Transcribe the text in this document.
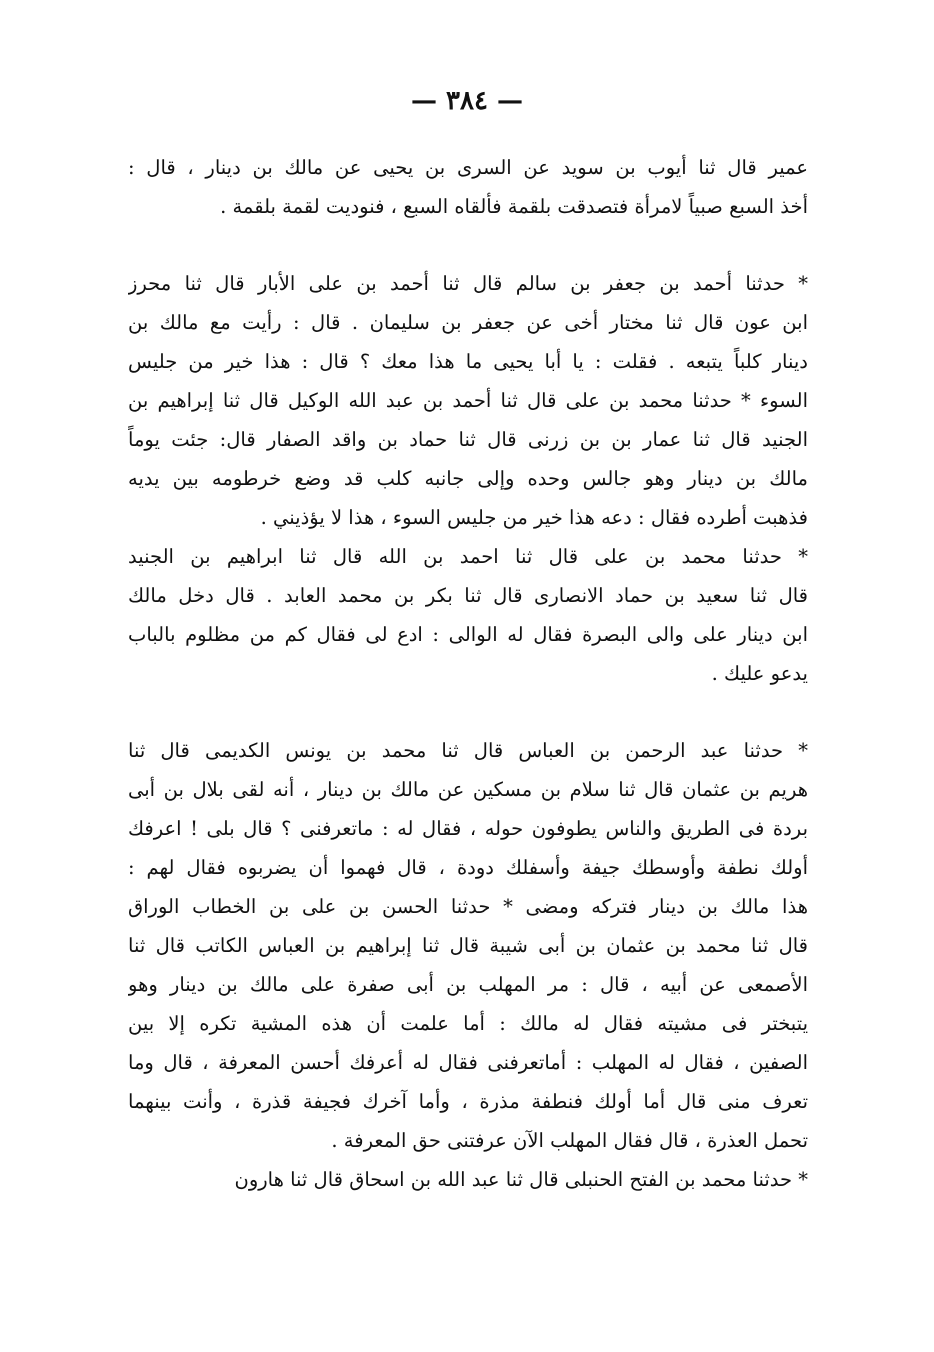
— ٣٨٤ —
عمير قال ثنا أيوب بن سويد عن السرى بن يحيى عن مالك بن دينار ، قال :
أخذ السبع صبياً لامرأة فتصدقت بلقمة فألقاه السبع ، فنوديت لقمة بلقمة .
* حدثنا أحمد بن جعفر بن سالم قال ثنا أحمد بن على الأبار قال ثنا محرز
ابن عون قال ثنا مختار أخى عن جعفر بن سليمان . قال : رأيت مع مالك بن
دينار كلباً يتبعه . فقلت : يا أبا يحيى ما هذا معك ؟ قال : هذا خير من جليس
السوء * حدثنا محمد بن على قال ثنا أحمد بن عبد الله الوكيل قال ثنا إبراهيم بن
الجنيد قال ثنا عمار بن بن زرنى قال ثنا حماد بن واقد الصفار قال: جئت يوماً
مالك بن دينار وهو جالس وحده وإلى جانبه كلب قد وضع خرطومه بين يديه
فذهبت أطرده فقال : دعه هذا خير من جليس السوء ، هذا لا يؤذيني .
* حدثنا محمد بن على قال ثنا احمد بن الله قال ثنا ابراهيم بن الجنيد
قال ثنا سعيد بن حماد الانصارى قال ثنا بكر بن محمد العابد . قال دخل مالك
ابن دينار على والى البصرة فقال له الوالى : ادع لى فقال كم من مظلوم بالباب
يدعو عليك .
* حدثنا عبد الرحمن بن العباس قال ثنا محمد بن يونس الكديمى قال ثنا
هريم بن عثمان قال ثنا سلام بن مسكين عن مالك بن دينار ، أنه لقى بلال بن أبى
بردة فى الطريق والناس يطوفون حوله ، فقال له : ماتعرفنى ؟ قال بلى ! اعرفك
أولك نطفة وأوسطك جيفة وأسفلك دودة ، قال فهموا أن يضربوه فقال لهم :
هذا مالك بن دينار فتركه ومضى * حدثنا الحسن بن على بن الخطاب الوراق
قال ثنا محمد بن عثمان بن أبى شيبة قال ثنا إبراهيم بن العباس الكاتب قال ثنا
الأصمعى عن أبيه ، قال : مر المهلب بن أبى صفرة على مالك بن دينار وهو
يتبختر فى مشيته فقال له مالك : أما علمت أن هذه المشية تكره إلا بين
الصفين ، فقال له المهلب : أماتعرفنى فقال له أعرفك أحسن المعرفة ، قال وما
تعرف منى قال أما أولك فنطفة مذرة ، وأما آخرك فجيفة قذرة ، وأنت بينهما
تحمل العذرة ، قال فقال المهلب الآن عرفتنى حق المعرفة .
* حدثنا محمد بن الفتح الحنبلى قال ثنا عبد الله بن اسحاق قال ثنا هارون
